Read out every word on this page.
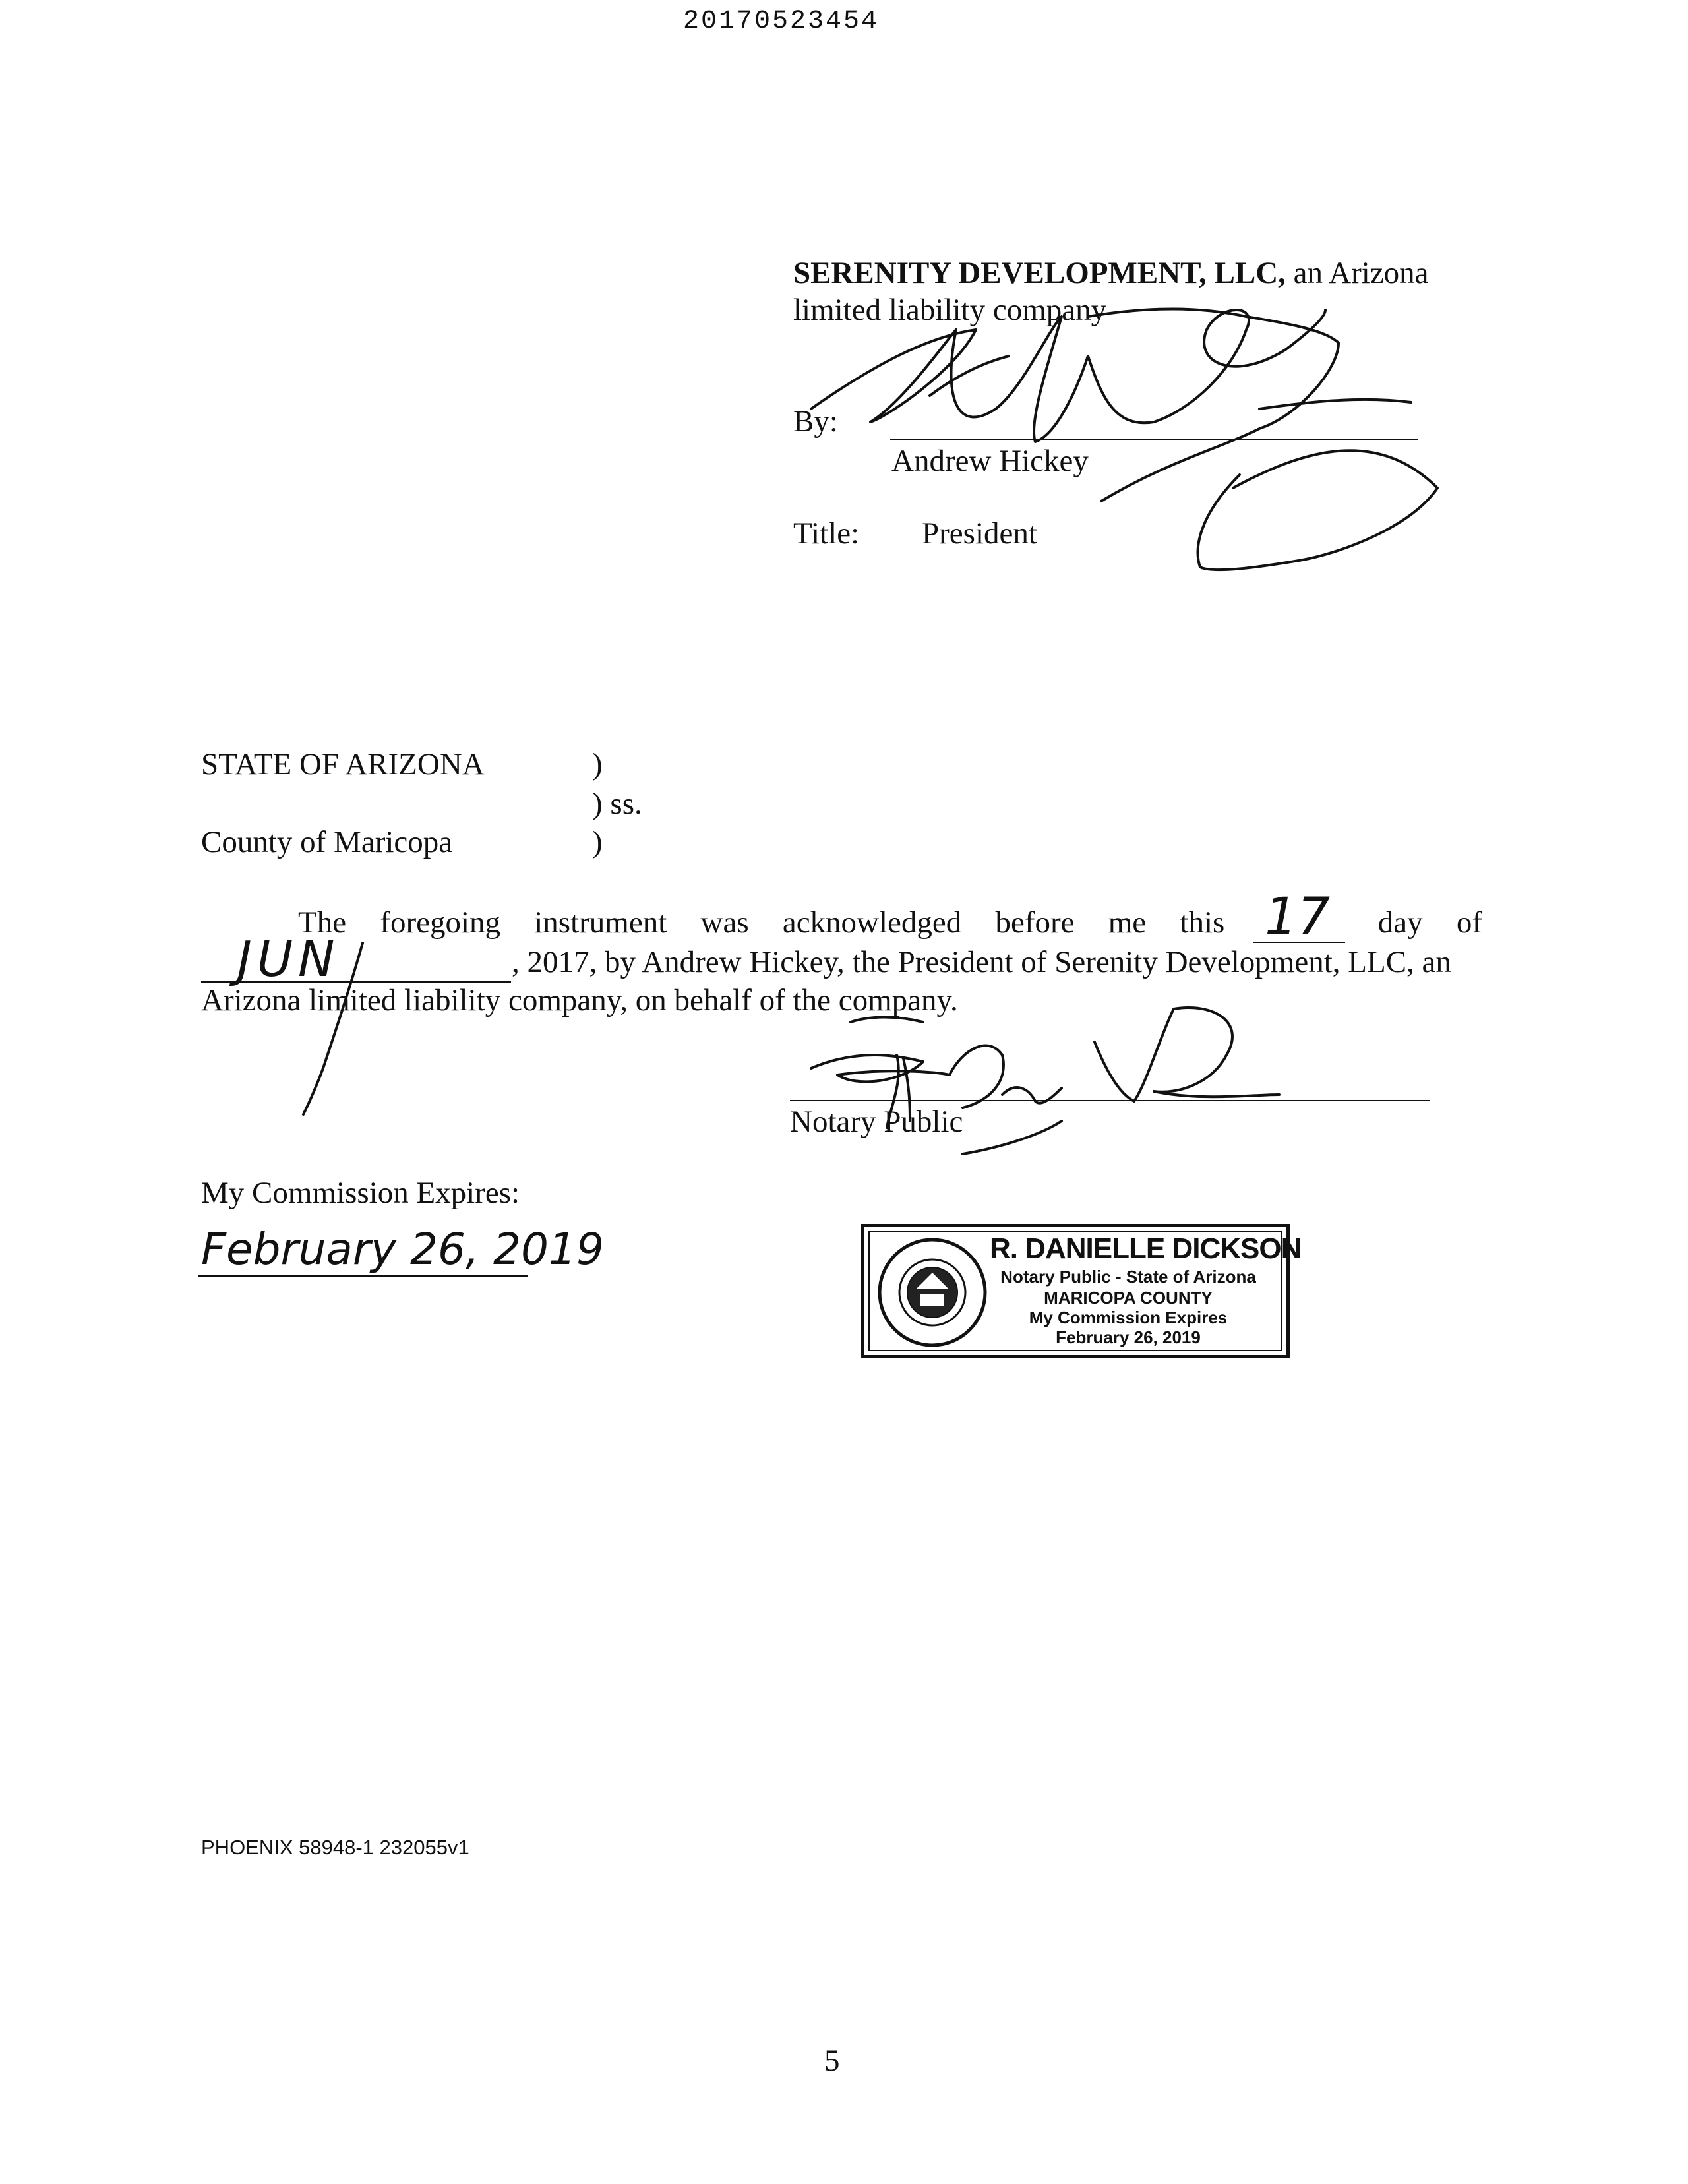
20170523454
SERENITY DEVELOPMENT, LLC, an Arizona
limited liability company
By:
Andrew Hickey
Title: President
STATE OF ARIZONA	)
) ss.
County of Maricopa	)
The foregoing instrument was acknowledged before me this	day of
17
JUN	, 2017, by Andrew Hickey, the President of Serenity Development, LLC, an
Arizona limited liability company, on behalf of the company.
Notary Public
My Commission Expires:
February 26, 2019	R. DANIELLE DICKSON
Notary Public - State of Arizona
MARICOPA COUNTY
My Commission Expires
February 26, 2019
PHOENIX 58948-1 232055v1
5
